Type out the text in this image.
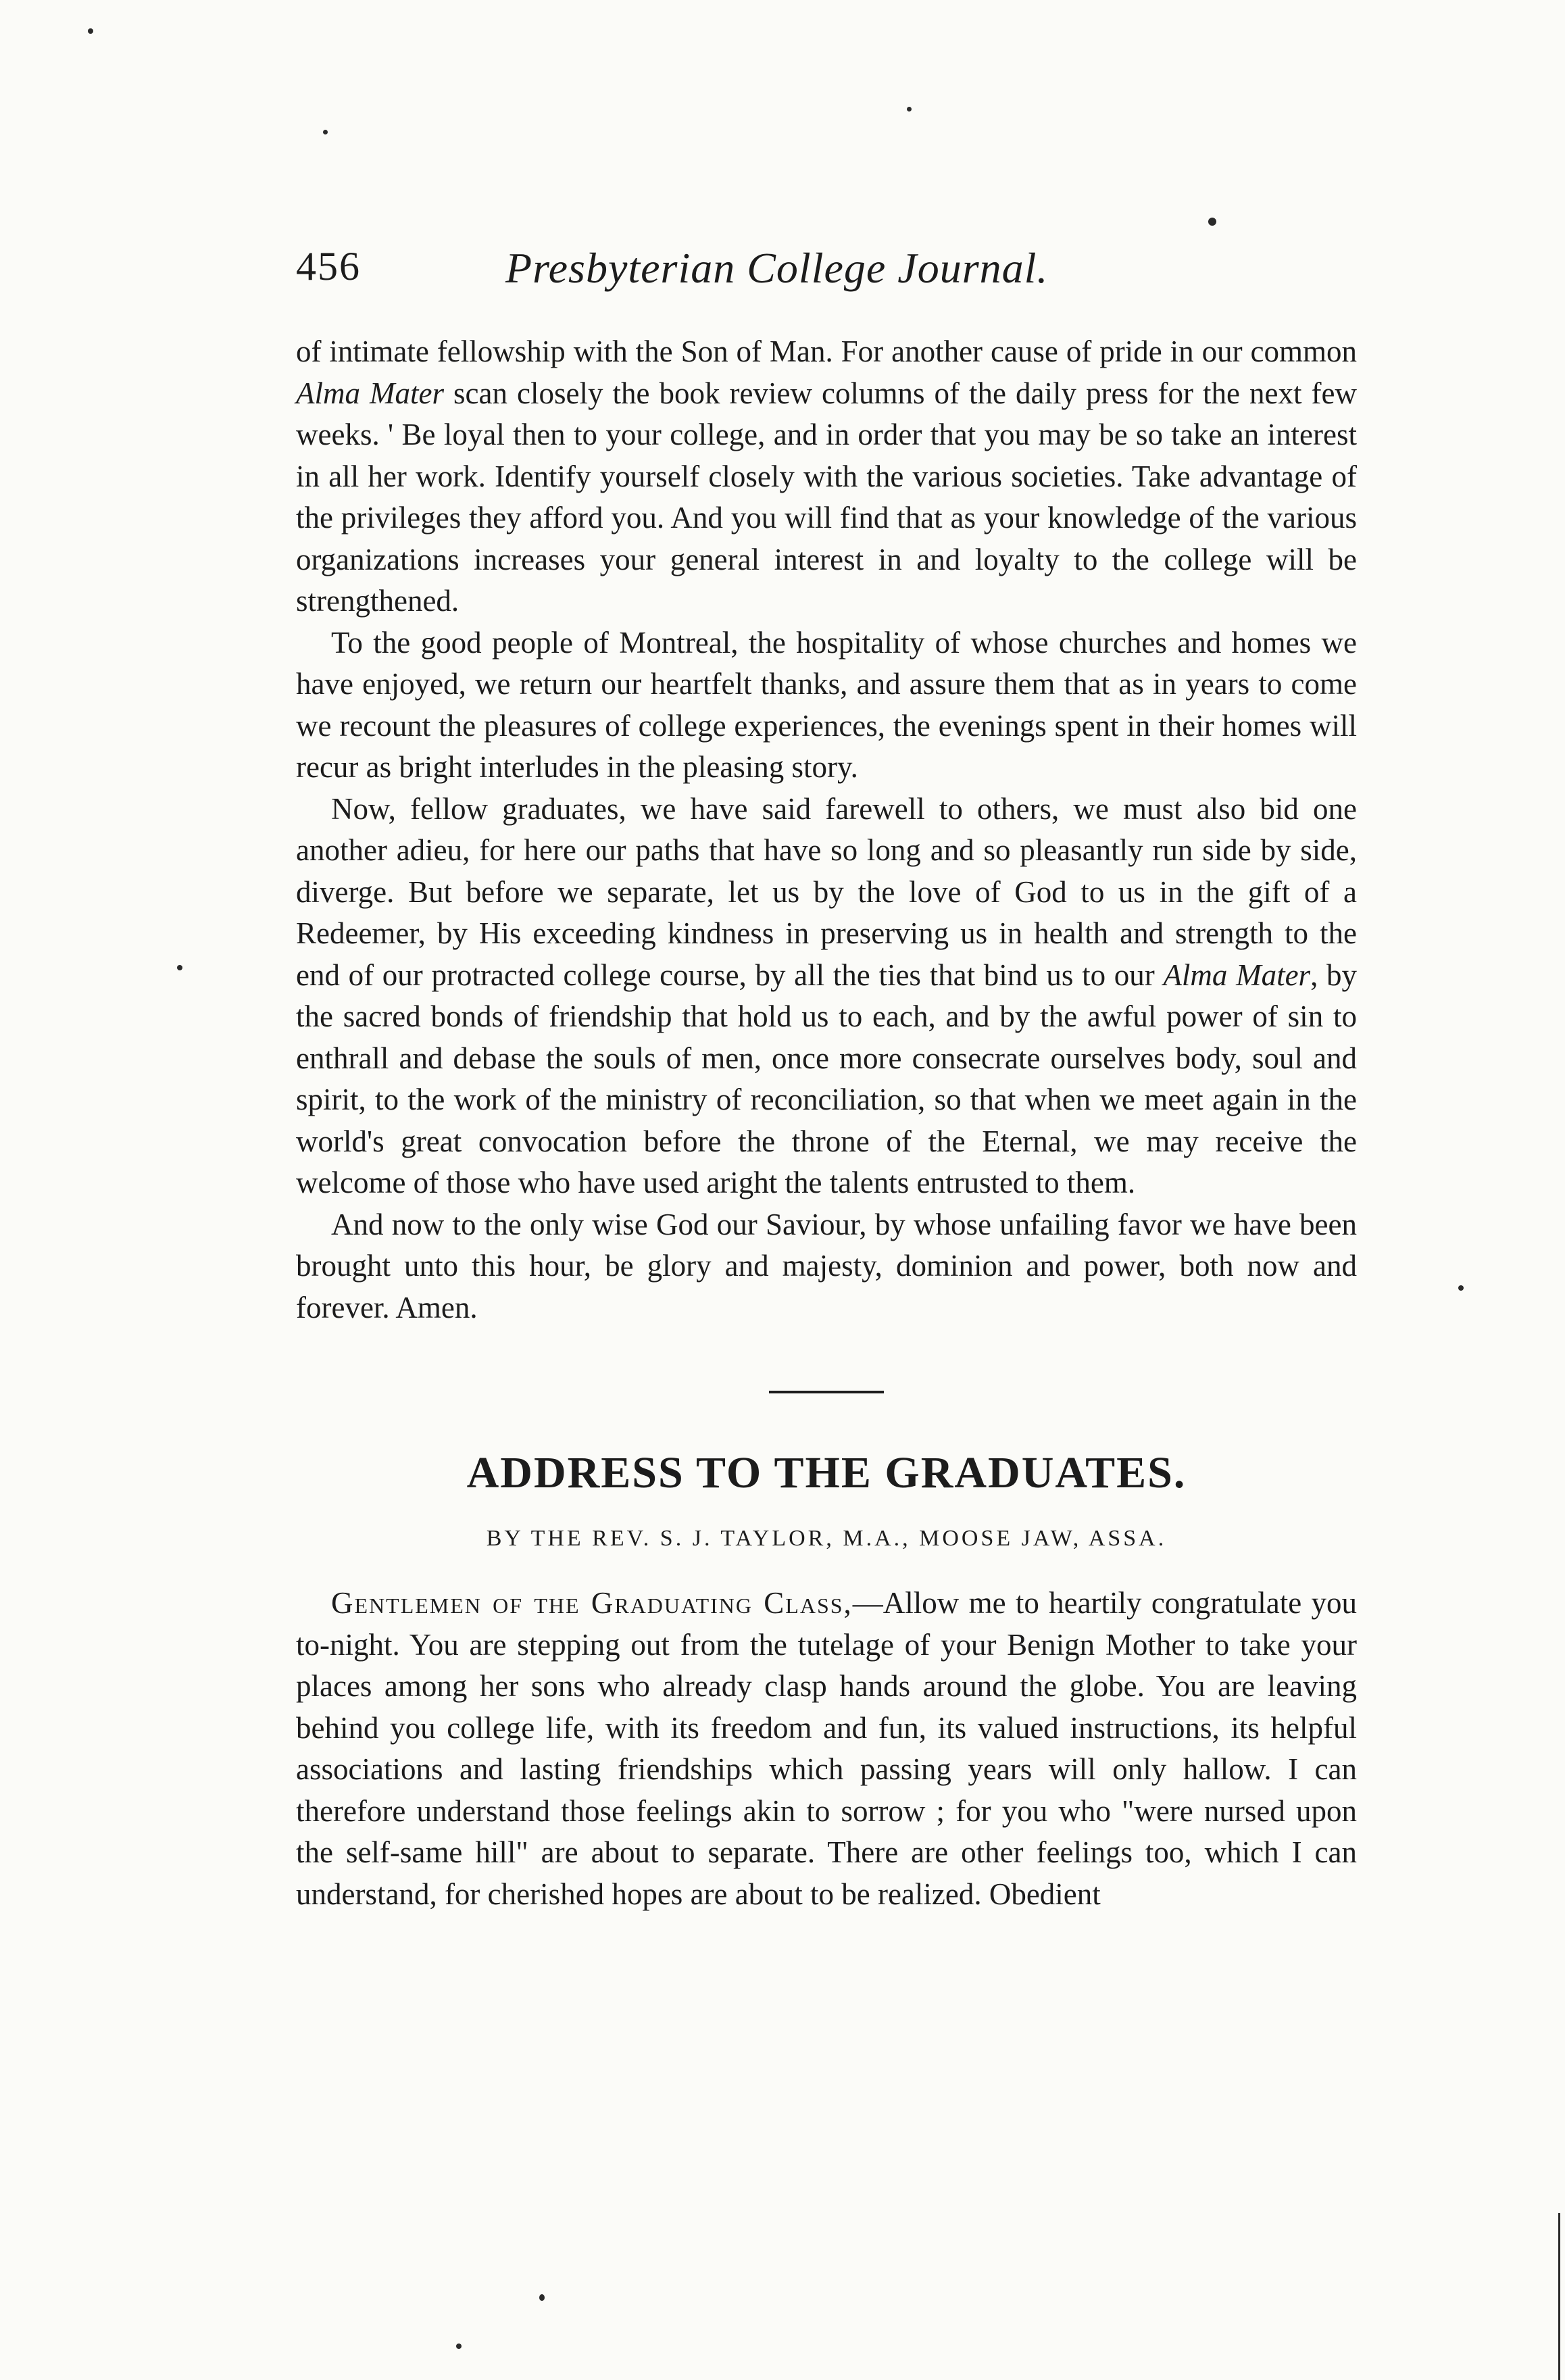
456	Presbyterian College Journal.

of intimate fellowship with the Son of Man. For another cause of pride in our common Alma Mater scan closely the book review columns of the daily press for the next few weeks. ' Be loyal then to your college, and in order that you may be so take an interest in all her work. Identify yourself closely with the various societies. Take advantage of the privileges they afford you. And you will find that as your knowledge of the various organizations increases your general interest in and loyalty to the college will be strengthened.

To the good people of Montreal, the hospitality of whose churches and homes we have enjoyed, we return our heartfelt thanks, and assure them that as in years to come we recount the pleasures of college experiences, the evenings spent in their homes will recur as bright interludes in the pleasing story.

Now, fellow graduates, we have said farewell to others, we must also bid one another adieu, for here our paths that have so long and so pleasantly run side by side, diverge. But before we separate, let us by the love of God to us in the gift of a Redeemer, by His exceeding kindness in preserving us in health and strength to the end of our protracted college course, by all the ties that bind us to our Alma Mater, by the sacred bonds of friendship that hold us to each, and by the awful power of sin to enthrall and debase the souls of men, once more consecrate ourselves body, soul and spirit, to the work of the ministry of reconciliation, so that when we meet again in the world's great convocation before the throne of the Eternal, we may receive the welcome of those who have used aright the talents entrusted to them.

And now to the only wise God our Saviour, by whose unfailing favor we have been brought unto this hour, be glory and majesty, dominion and power, both now and forever. Amen.

ADDRESS TO THE GRADUATES.

BY THE REV. S. J. TAYLOR, M.A., MOOSE JAW, ASSA.

Gentlemen of the Graduating Class,—Allow me to heartily congratulate you to-night. You are stepping out from the tutelage of your Benign Mother to take your places among her sons who already clasp hands around the globe. You are leaving behind you college life, with its freedom and fun, its valued instructions, its helpful associations and lasting friendships which passing years will only hallow. I can therefore understand those feelings akin to sorrow ; for you who "were nursed upon the self-same hill" are about to separate. There are other feelings too, which I can understand, for cherished hopes are about to be realized. Obedient
